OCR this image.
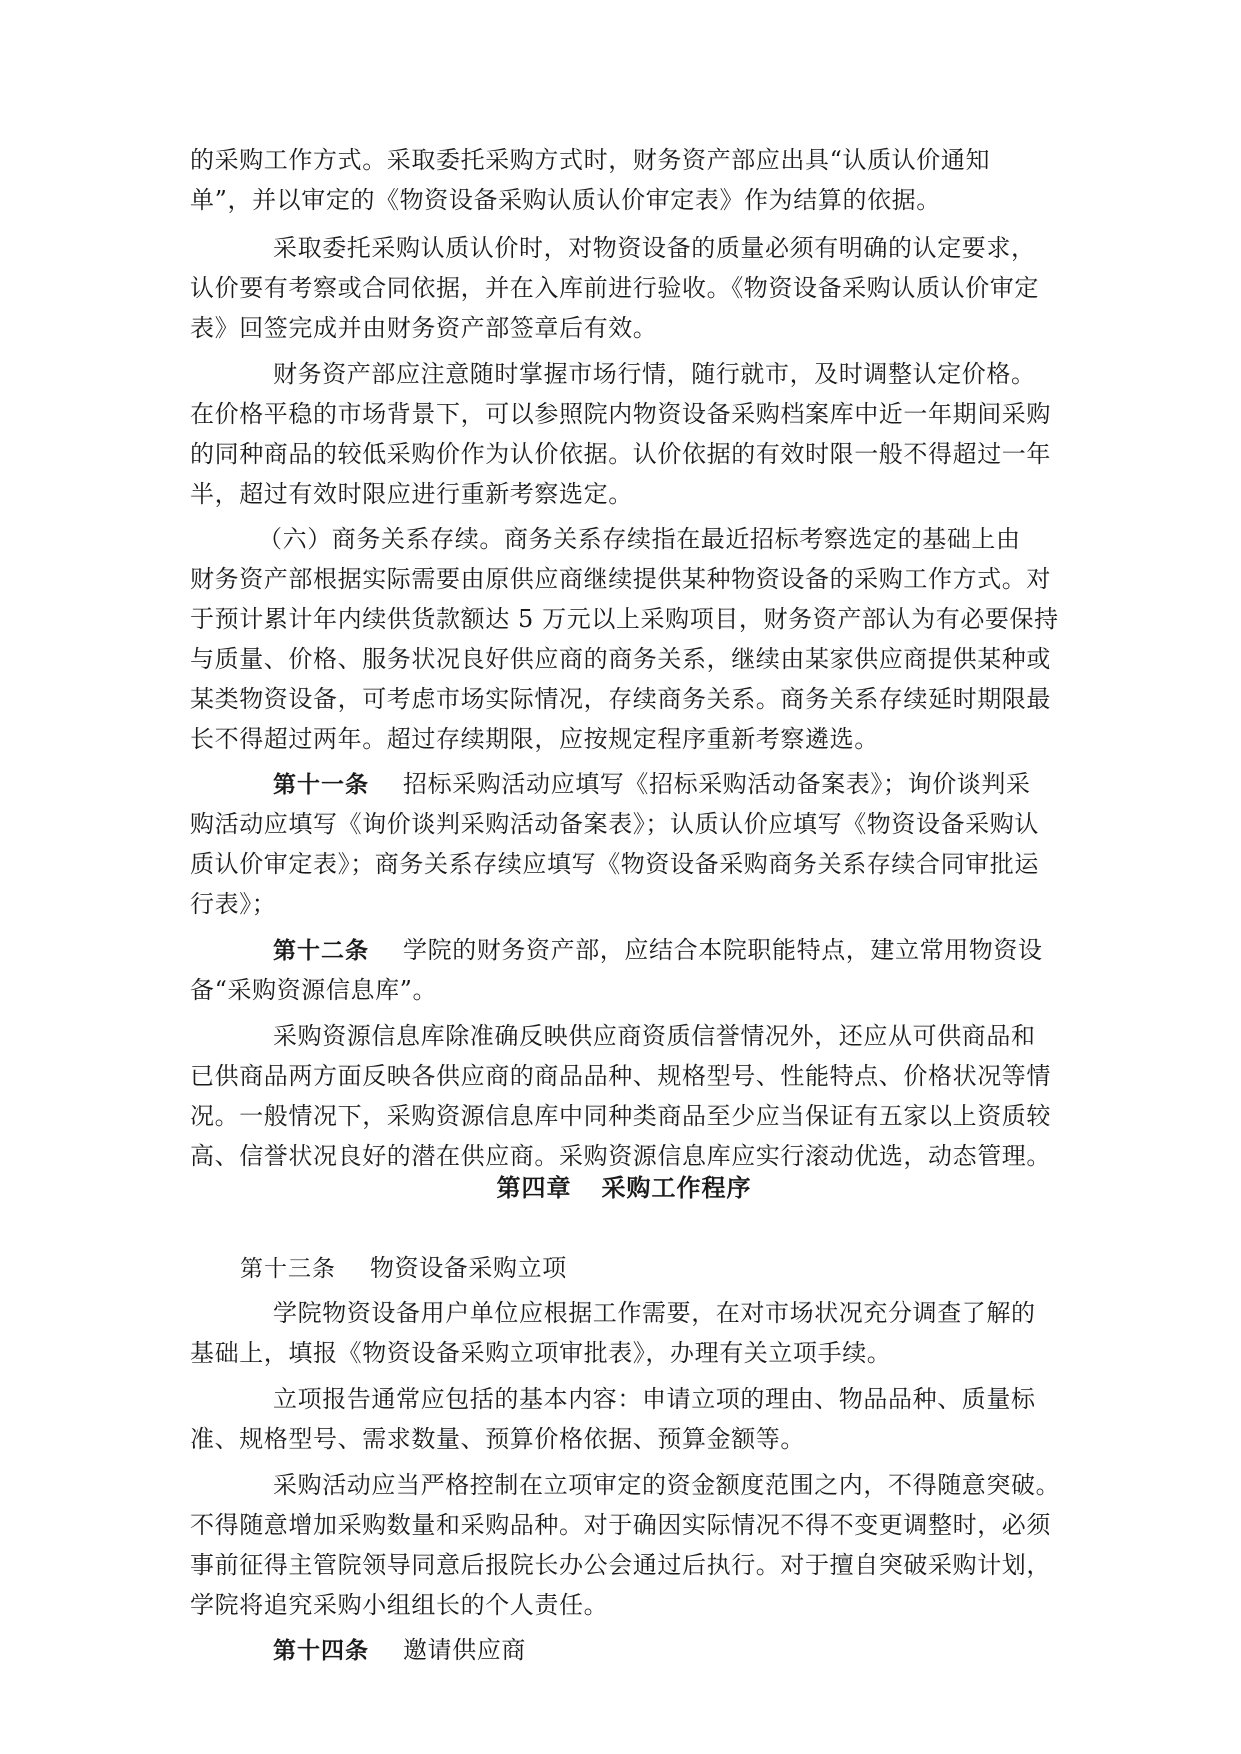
的采购工作方式。采取委托采购方式时，财务资产部应出具“认质认价通知
单”，并以审定的《物资设备采购认质认价审定表》作为结算的依据。
采取委托采购认质认价时，对物资设备的质量必须有明确的认定要求，
认价要有考察或合同依据，并在入库前进行验收。《物资设备采购认质认价审定
表》回签完成并由财务资产部签章后有效。
财务资产部应注意随时掌握市场行情，随行就市，及时调整认定价格。
在价格平稳的市场背景下，可以参照院内物资设备采购档案库中近一年期间采购
的同种商品的较低采购价作为认价依据。认价依据的有效时限一般不得超过一年
半，超过有效时限应进行重新考察选定。
（六）商务关系存续。商务关系存续指在最近招标考察选定的基础上由
财务资产部根据实际需要由原供应商继续提供某种物资设备的采购工作方式。对
于预计累计年内续供货款额达 5 万元以上采购项目，财务资产部认为有必要保持
与质量、价格、服务状况良好供应商的商务关系，继续由某家供应商提供某种或
某类物资设备，可考虑市场实际情况，存续商务关系。商务关系存续延时期限最
长不得超过两年。超过存续期限，应按规定程序重新考察遴选。
第十一条 招标采购活动应填写《招标采购活动备案表》；询价谈判采
购活动应填写《询价谈判采购活动备案表》；认质认价应填写《物资设备采购认
质认价审定表》；商务关系存续应填写《物资设备采购商务关系存续合同审批运
行表》；
第十二条 学院的财务资产部，应结合本院职能特点，建立常用物资设
备“采购资源信息库”。
采购资源信息库除准确反映供应商资质信誉情况外，还应从可供商品和
已供商品两方面反映各供应商的商品品种、规格型号、性能特点、价格状况等情
况。一般情况下，采购资源信息库中同种类商品至少应当保证有五家以上资质较
高、信誉状况良好的潜在供应商。采购资源信息库应实行滚动优选，动态管理。
第四章 采购工作程序
第十三条 物资设备采购立项
学院物资设备用户单位应根据工作需要，在对市场状况充分调查了解的
基础上，填报《物资设备采购立项审批表》，办理有关立项手续。
立项报告通常应包括的基本内容：申请立项的理由、物品品种、质量标
准、规格型号、需求数量、预算价格依据、预算金额等。
采购活动应当严格控制在立项审定的资金额度范围之内，不得随意突破。
不得随意增加采购数量和采购品种。对于确因实际情况不得不变更调整时，必须
事前征得主管院领导同意后报院长办公会通过后执行。对于擅自突破采购计划，
学院将追究采购小组组长的个人责任。
第十四条 邀请供应商
